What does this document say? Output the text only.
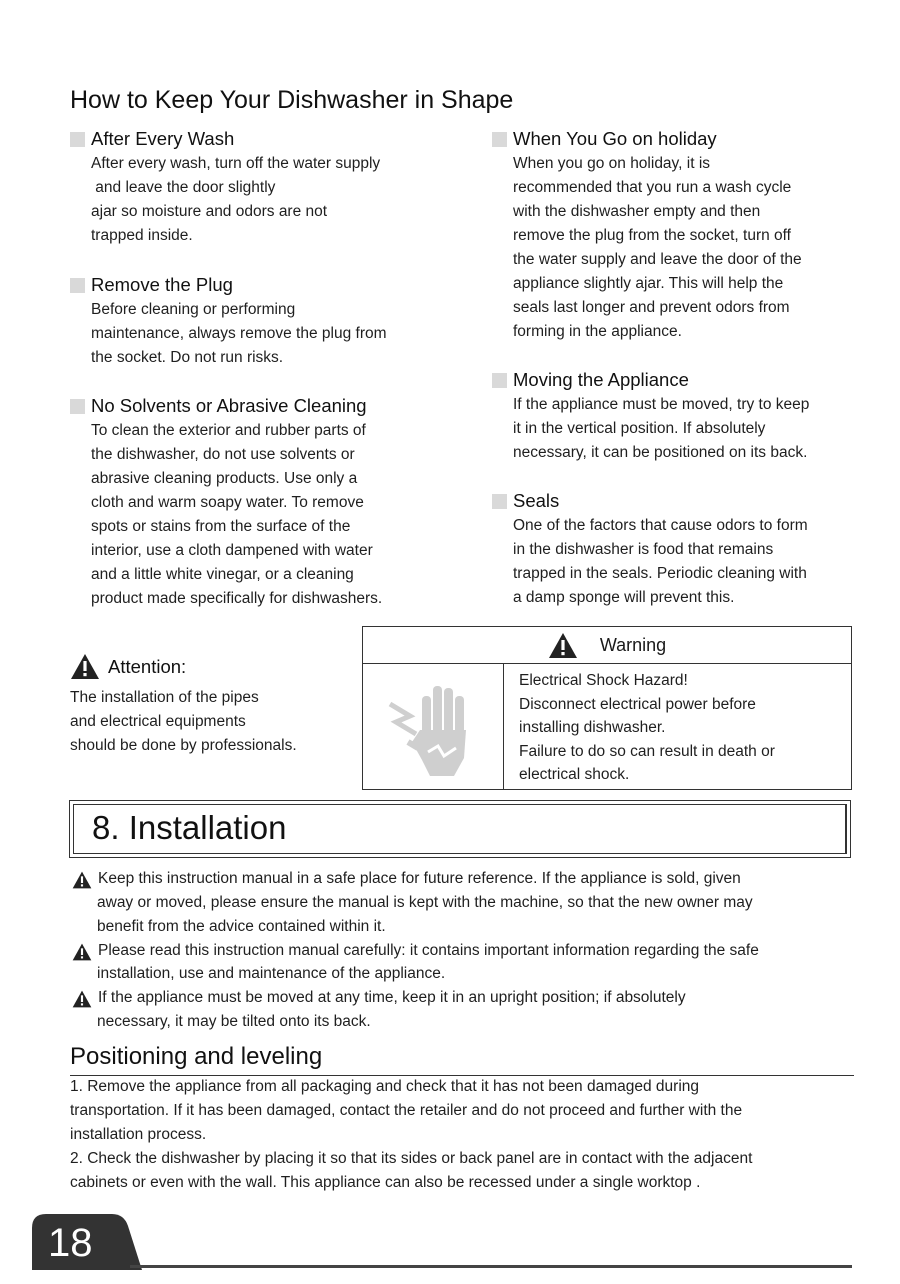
How to Keep Your Dishwasher in Shape
After Every Wash
After every wash, turn off the water supply
and leave the door slightly
ajar so moisture and odors are not
trapped inside.
Remove the Plug
Before cleaning or performing
maintenance, always remove the plug from
the socket. Do not run risks.
No Solvents or Abrasive Cleaning
To clean the exterior and rubber parts of
the dishwasher, do not use solvents or
abrasive cleaning products. Use only a
cloth and warm soapy water. To remove
spots or stains from the surface of the
interior, use a cloth dampened with water
and a little white vinegar, or a cleaning
product made specifically for dishwashers.
When You Go on holiday
When you go on holiday, it is
recommended that you run a wash cycle
with the dishwasher empty and then
remove the plug from the socket, turn off
the water supply and leave the door of the
appliance slightly ajar. This will help the
seals last longer and prevent odors from
forming in the appliance.
Moving the Appliance
If the appliance must be moved, try to keep
it in the vertical position. If absolutely
necessary, it can be positioned on its back.
Seals
One of the factors that cause odors to form
in the dishwasher is food that remains
trapped in the seals. Periodic cleaning with
a damp sponge will prevent this.
Attention:
The installation of the pipes
and electrical equipments
should be done by professionals.
Warning
Electrical Shock Hazard!
Disconnect electrical power before
installing dishwasher.
Failure to do so can result in death or
electrical shock.
8. Installation
Keep this instruction manual in a safe place for future reference. If the appliance is sold, given
away or moved, please ensure the manual is kept with the machine, so that the new owner may
benefit from the advice contained within it.
Please read this instruction manual carefully: it contains important information regarding the safe
installation, use and maintenance of the appliance.
If the appliance must be moved at any time, keep it in an upright position; if absolutely
necessary, it may be tilted onto its back.
Positioning and leveling
1. Remove the appliance from all packaging and check that it has not been damaged during
transportation. If it has been damaged, contact the retailer and do not proceed and further with the
installation process.
2. Check the dishwasher by placing it so that its sides or back panel are in contact with the adjacent
cabinets or even with the wall. This appliance can also be recessed under a single worktop .
18
